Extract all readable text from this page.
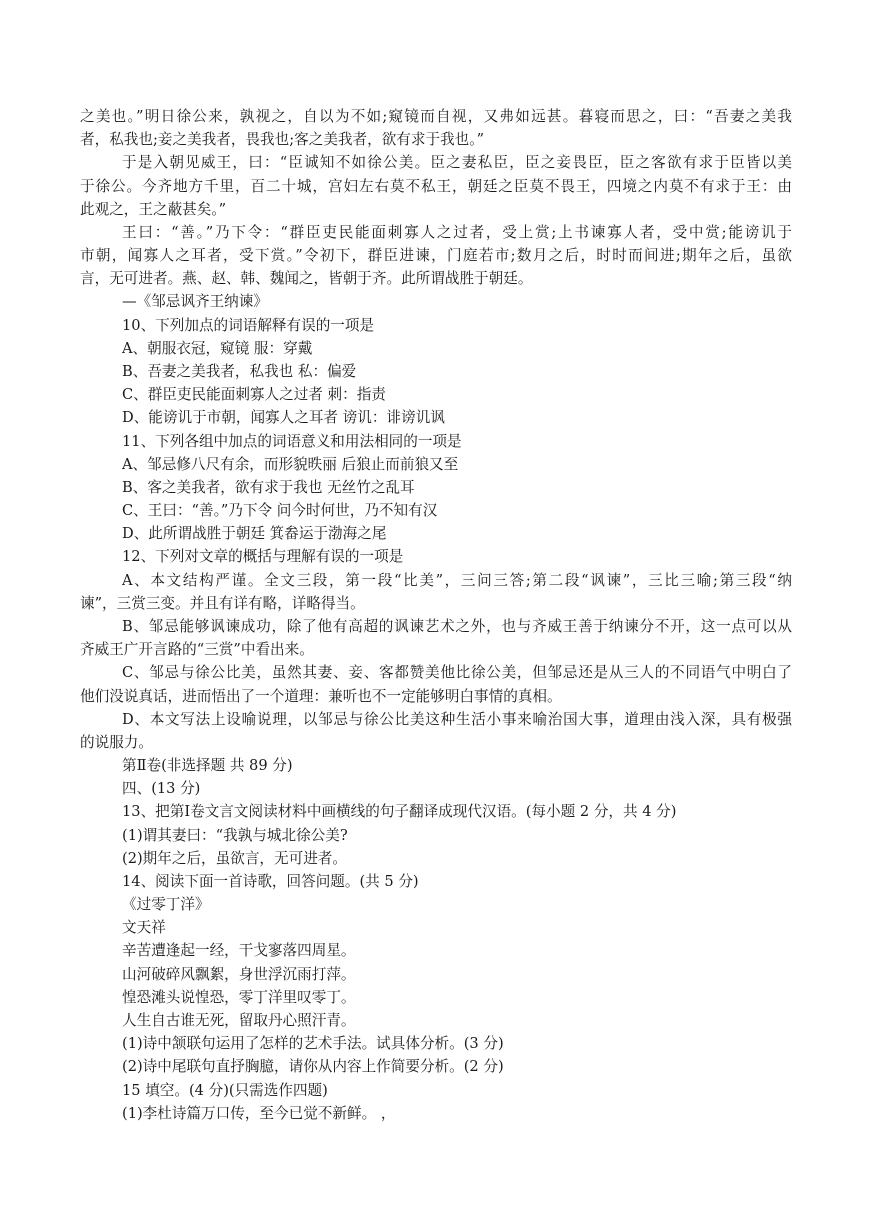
之美也。”明日徐公来，孰视之，自以为不如;窥镜而自视，又弗如远甚。暮寝而思之，曰：“吾妻之美我
者，私我也;妾之美我者，畏我也;客之美我者，欲有求于我也。”
于是入朝见威王，曰：“臣诚知不如徐公美。臣之妻私臣，臣之妾畏臣，臣之客欲有求于臣皆以美
于徐公。今齐地方千里，百二十城，宫妇左右莫不私王，朝廷之臣莫不畏王，四境之内莫不有求于王：由
此观之，王之蔽甚矣。”
王曰：“善。”乃下令：“群臣吏民能面刺寡人之过者，受上赏;上书谏寡人者，受中赏;能谤讥于
市朝，闻寡人之耳者，受下赏。”令初下，群臣进谏，门庭若市;数月之后，时时而间进;期年之后，虽欲
言，无可进者。燕、赵、韩、魏闻之，皆朝于齐。此所谓战胜于朝廷。
—《邹忌讽齐王纳谏》
10、下列加点的词语解释有误的一项是
A、朝服衣冠，窥镜 服：穿戴
B、吾妻之美我者，私我也 私：偏爱
C、群臣吏民能面刺寡人之过者 刺：指责
D、能谤讥于市朝，闻寡人之耳者 谤讥：诽谤讥讽
11、下列各组中加点的词语意义和用法相同的一项是
A、邹忌修八尺有余，而形貌昳丽 后狼止而前狼又至
B、客之美我者，欲有求于我也 无丝竹之乱耳
C、王曰：“善。”乃下令 问今时何世，乃不知有汉
D、此所谓战胜于朝廷 箕畚运于渤海之尾
12、下列对文章的概括与理解有误的一项是
A、本文结构严谨。全文三段，第一段“比美”，三问三答;第二段“讽谏”，三比三喻;第三段“纳
谏”，三赏三变。并且有详有略，详略得当。
B、邹忌能够讽谏成功，除了他有高超的讽谏艺术之外，也与齐威王善于纳谏分不开，这一点可以从
齐威王广开言路的“三赏”中看出来。
C、邹忌与徐公比美，虽然其妻、妾、客都赞美他比徐公美，但邹忌还是从三人的不同语气中明白了
他们没说真话，进而悟出了一个道理：兼听也不一定能够明白事情的真相。
D、本文写法上设喻说理，以邹忌与徐公比美这种生活小事来喻治国大事，道理由浅入深，具有极强
的说服力。
第Ⅱ卷(非选择题 共 89 分)
四、(13 分)
13、把第Ⅰ卷文言文阅读材料中画横线的句子翻译成现代汉语。(每小题 2 分，共 4 分)
(1)谓其妻曰：“我孰与城北徐公美?
(2)期年之后，虽欲言，无可进者。
14、阅读下面一首诗歌，回答问题。(共 5 分)
《过零丁洋》
文天祥
辛苦遭逢起一经，干戈寥落四周星。
山河破碎风飘絮，身世浮沉雨打萍。
惶恐滩头说惶恐，零丁洋里叹零丁。
人生自古谁无死，留取丹心照汗青。
(1)诗中颔联句运用了怎样的艺术手法。试具体分析。(3 分)
(2)诗中尾联句直抒胸臆，请你从内容上作简要分析。(2 分)
15 填空。(4 分)(只需选作四题)
(1)李杜诗篇万口传，至今已觉不新鲜。 ，
